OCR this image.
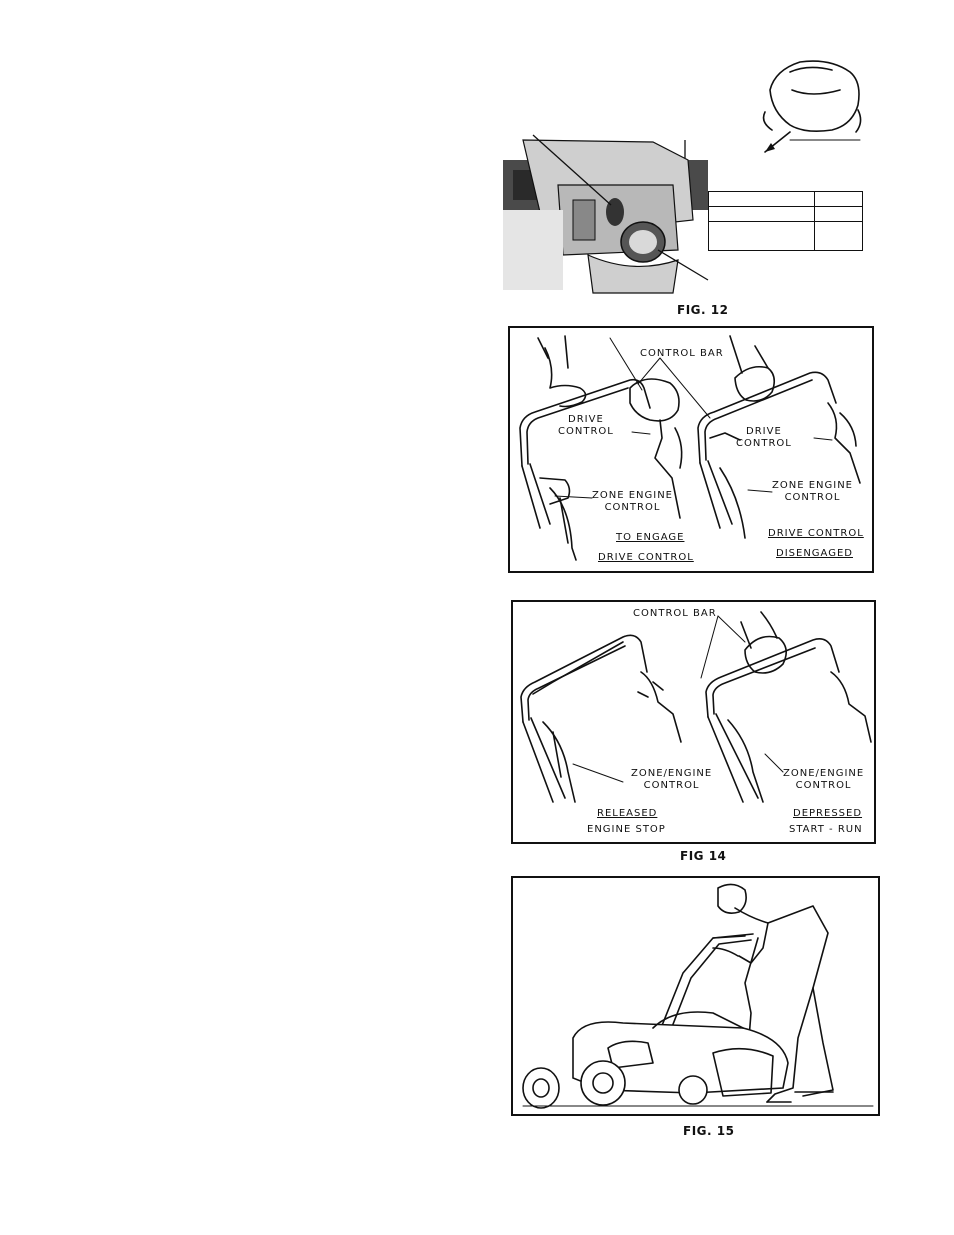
FIG. 12
CONTROL BAR
DRIVE
CONTROL	DRIVE
CONTROL
ZONE ENGINE
CONTROL
ZONE ENGINE
CONTROL
TO ENGAGE
DRIVE CONTROL
DRIVE CONTROL
DISENGAGED
CONTROL BAR
ZONE/ENGINE
CONTROL
ZONE/ENGINE
CONTROL
RELEASED
ENGINE STOP
DEPRESSED
START - RUN
FIG 14
FIG. 15
